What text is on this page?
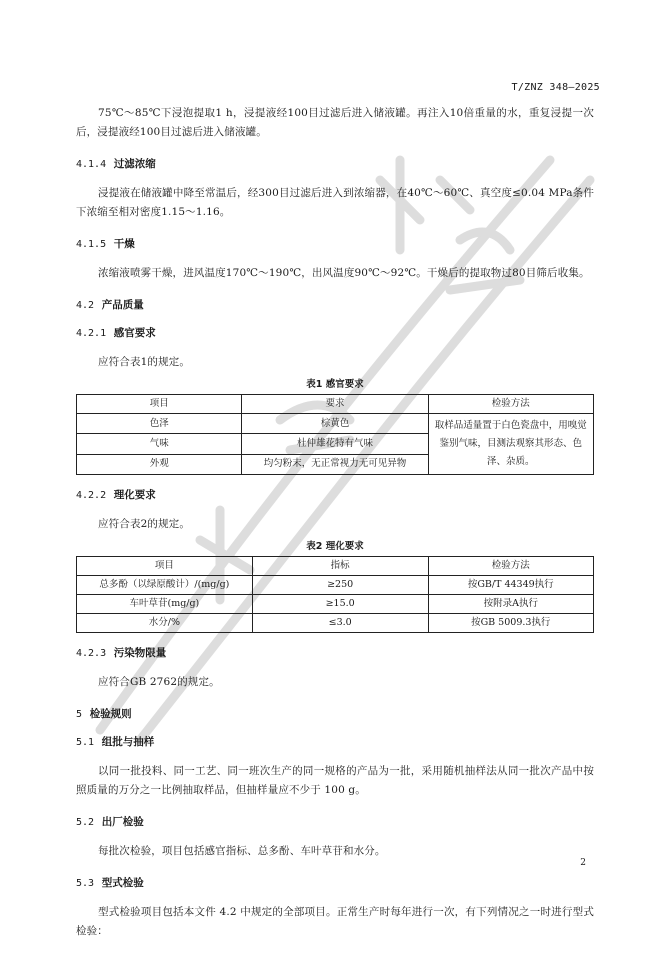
T/ZNZ 348—2025

75℃～85℃下浸泡提取1 h，浸提液经100目过滤后进入储液罐。再注入10倍重量的水，重复浸提一次后，浸提液经100目过滤后进入储液罐。

4.1.4 过滤浓缩

浸提液在储液罐中降至常温后，经300目过滤后进入到浓缩器，在40℃～60℃、真空度≤0.04 MPa条件下浓缩至相对密度1.15～1.16。

4.1.5 干燥

浓缩液喷雾干燥，进风温度170℃～190℃，出风温度90℃～92℃。干燥后的提取物过80目筛后收集。

4.2 产品质量
4.2.1 感官要求

应符合表1的规定。

表1 感官要求
项目	要求	检验方法
色泽	棕黄色	取样品适量置于白色瓷盘中，用嗅觉鉴别气味，目测法观察其形态、色泽、杂质。
气味	杜仲雄花特有气味	
外观	均匀粉末，无正常视力无可见异物	
4.2.2 理化要求

应符合表2的规定。

表2 理化要求
项目	指标	检验方法
总多酚（以绿原酸计）/(mg/g)	≥250	按GB/T 44349执行
车叶草苷(mg/g)	≥15.0	按附录A执行
水分/%	≤3.0	按GB 5009.3执行
4.2.3 污染物限量

应符合GB 2762的规定。

5 检验规则
5.1 组批与抽样

以同一批投料、同一工艺、同一班次生产的同一规格的产品为一批，采用随机抽样法从同一批次产品中按照质量的万分之一比例抽取样品，但抽样量应不少于 100 g。

5.2 出厂检验

每批次检验，项目包括感官指标、总多酚、车叶草苷和水分。

5.3 型式检验

型式检验项目包括本文件 4.2 中规定的全部项目。正常生产时每年进行一次，有下列情况之一时进行型式检验：

2
